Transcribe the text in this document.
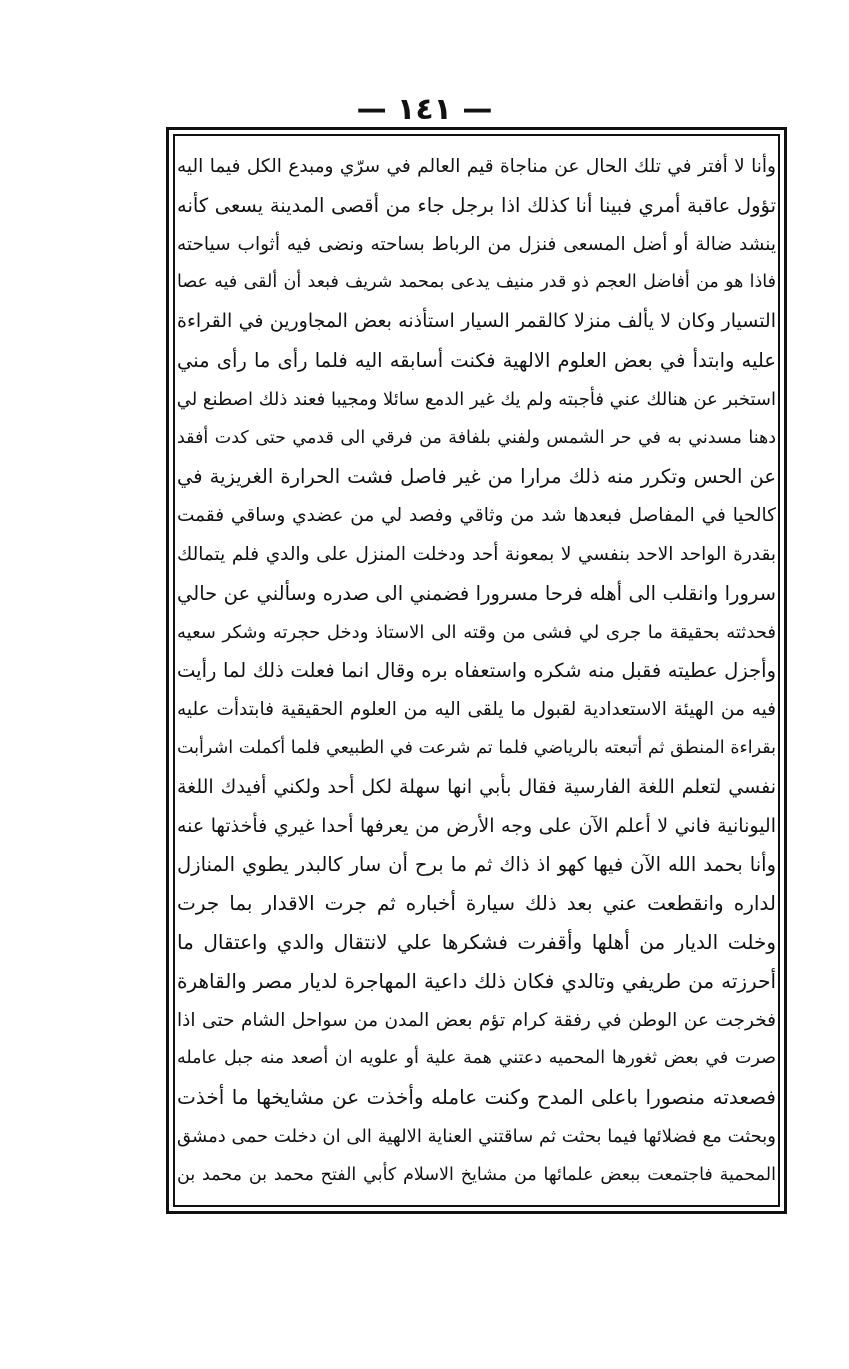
— ١٤١ —
وأنا لا أفتر في تلك الحال عن مناجاة قيم العالم في سرّي ومبدع الكل فيما اليه
تؤول عاقبة أمري فبينا أنا كذلك اذا برجل جاء من أقصى المدينة يسعى كأنه
ينشد ضالة أو أضل المسعى فنزل من الرباط بساحته ونضى فيه أثواب سياحته
فاذا هو من أفاضل العجم ذو قدر منيف يدعى بمحمد شريف فبعد أن ألقى فيه عصا
التسيار وكان لا يألف منزلا كالقمر السيار استأذنه بعض المجاورين في القراءة
عليه وابتدأ في بعض العلوم الالهية فكنت أسابقه اليه فلما رأى ما رأى مني
استخبر عن هنالك عني فأجبته ولم يك غير الدمع سائلا ومجيبا فعند ذلك اصطنع لي
دهنا مسدني به في حر الشمس ولفني بلفافة من فرقي الى قدمي حتى كدت أفقد
عن الحس وتكرر منه ذلك مرارا من غير فاصل فشت الحرارة الغريزية في
كالحيا في المفاصل فبعدها شد من وثاقي وفصد لي من عضدي وساقي فقمت
بقدرة الواحد الاحد بنفسي لا بمعونة أحد ودخلت المنزل على والدي فلم يتمالك
سرورا وانقلب الى أهله فرحا مسرورا فضمني الى صدره وسألني عن حالي
فحدثته بحقيقة ما جرى لي فشى من وقته الى الاستاذ ودخل حجرته وشكر سعيه
وأجزل عطيته فقبل منه شكره واستعفاه بره وقال انما فعلت ذلك لما رأيت
فيه من الهيئة الاستعدادية لقبول ما يلقى اليه من العلوم الحقيقية فابتدأت عليه
بقراءة المنطق ثم أتبعته بالرياضي فلما تم شرعت في الطبيعي فلما أكملت اشرأبت
نفسي لتعلم اللغة الفارسية فقال بأبي انها سهلة لكل أحد ولكني أفيدك اللغة
اليونانية فاني لا أعلم الآن على وجه الأرض من يعرفها أحدا غيري فأخذتها عنه
وأنا بحمد الله الآن فيها كهو اذ ذاك ثم ما برح أن سار كالبدر يطوي المنازل
لداره وانقطعت عني بعد ذلك سيارة أخباره ثم جرت الاقدار بما جرت
وخلت الديار من أهلها وأقفرت فشكرها علي لانتقال والدي واعتقال ما
أحرزته من طريفي وتالدي فكان ذلك داعية المهاجرة لديار مصر والقاهرة
فخرجت عن الوطن في رفقة كرام تؤم بعض المدن من سواحل الشام حتى اذا
صرت في بعض ثغورها المحميه دعتني همة علية أو علويه ان أصعد منه جبل عامله
فصعدته منصورا باعلى المدح وكنت عامله وأخذت عن مشايخها ما أخذت
وبحثت مع فضلائها فيما بحثت ثم ساقتني العناية الالهية الى ان دخلت حمى دمشق
المحمية فاجتمعت ببعض علمائها من مشايخ الاسلام كأبي الفتح محمد بن محمد بن
